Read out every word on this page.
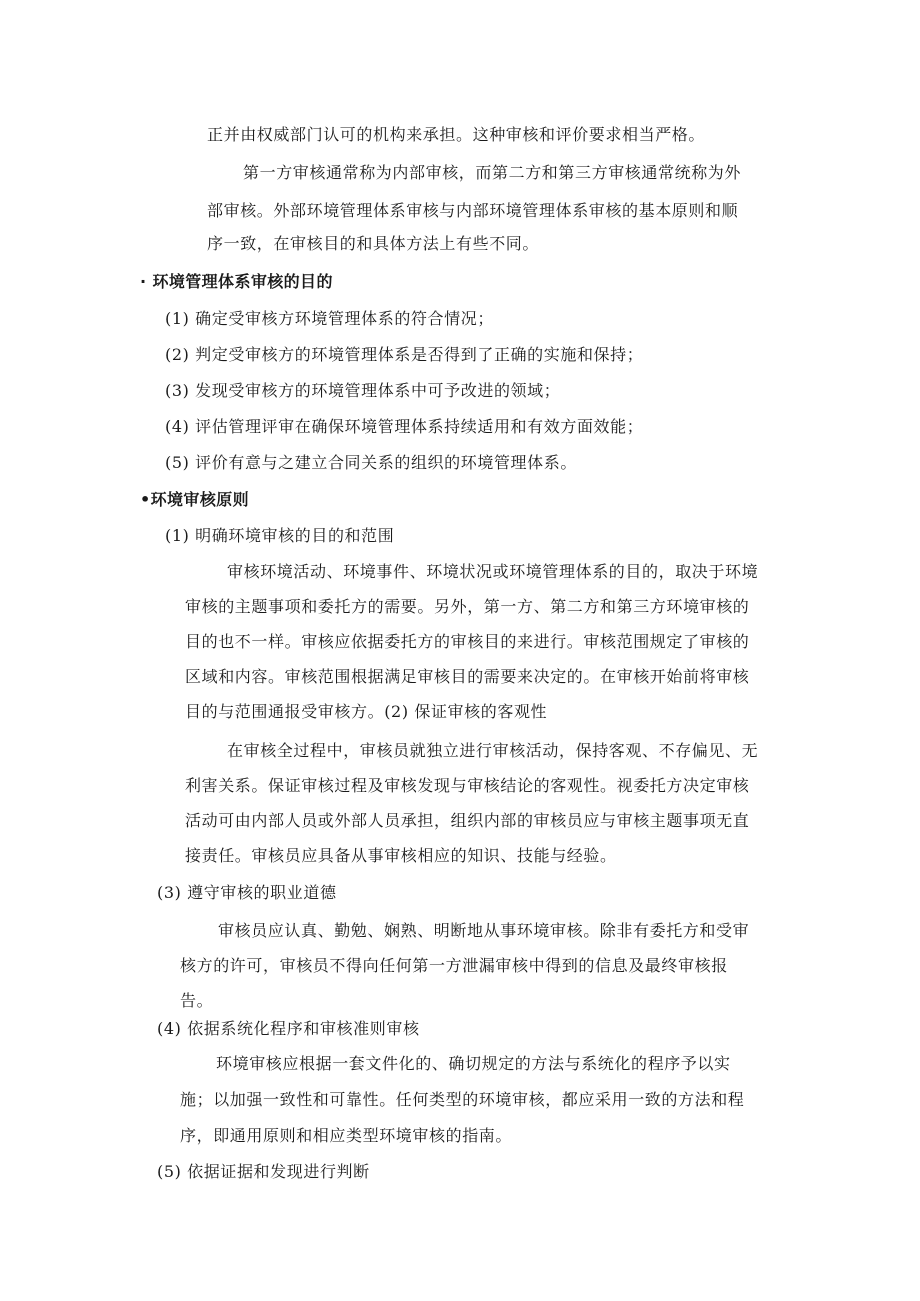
正并由权威部门认可的机构来承担。这种审核和评价要求相当严格。
第一方审核通常称为内部审核，而第二方和第三方审核通常统称为外
部审核。外部环境管理体系审核与内部环境管理体系审核的基本原则和顺
序一致，在审核目的和具体方法上有些不同。
· 环境管理体系审核的目的
(1) 确定受审核方环境管理体系的符合情况；
(2) 判定受审核方的环境管理体系是否得到了正确的实施和保持；
(3) 发现受审核方的环境管理体系中可予改进的领域；
(4) 评估管理评审在确保环境管理体系持续适用和有效方面效能；
(5) 评价有意与之建立合同关系的组织的环境管理体系。
•环境审核原则
(1) 明确环境审核的目的和范围
审核环境活动、环境事件、环境状况或环境管理体系的目的，取决于环境
审核的主题事项和委托方的需要。另外，第一方、第二方和第三方环境审核的
目的也不一样。审核应依据委托方的审核目的来进行。审核范围规定了审核的
区域和内容。审核范围根据满足审核目的需要来决定的。在审核开始前将审核
目的与范围通报受审核方。(2) 保证审核的客观性
在审核全过程中，审核员就独立进行审核活动，保持客观、不存偏见、无
利害关系。保证审核过程及审核发现与审核结论的客观性。视委托方决定审核
活动可由内部人员或外部人员承担，组织内部的审核员应与审核主题事项无直
接责任。审核员应具备从事审核相应的知识、技能与经验。
(3) 遵守审核的职业道德
审核员应认真、勤勉、娴熟、明断地从事环境审核。除非有委托方和受审
核方的许可，审核员不得向任何第一方泄漏审核中得到的信息及最终审核报
告。
(4) 依据系统化程序和审核准则审核
环境审核应根据一套文件化的、确切规定的方法与系统化的程序予以实
施；以加强一致性和可靠性。任何类型的环境审核，都应采用一致的方法和程
序，即通用原则和相应类型环境审核的指南。
(5) 依据证据和发现进行判断
